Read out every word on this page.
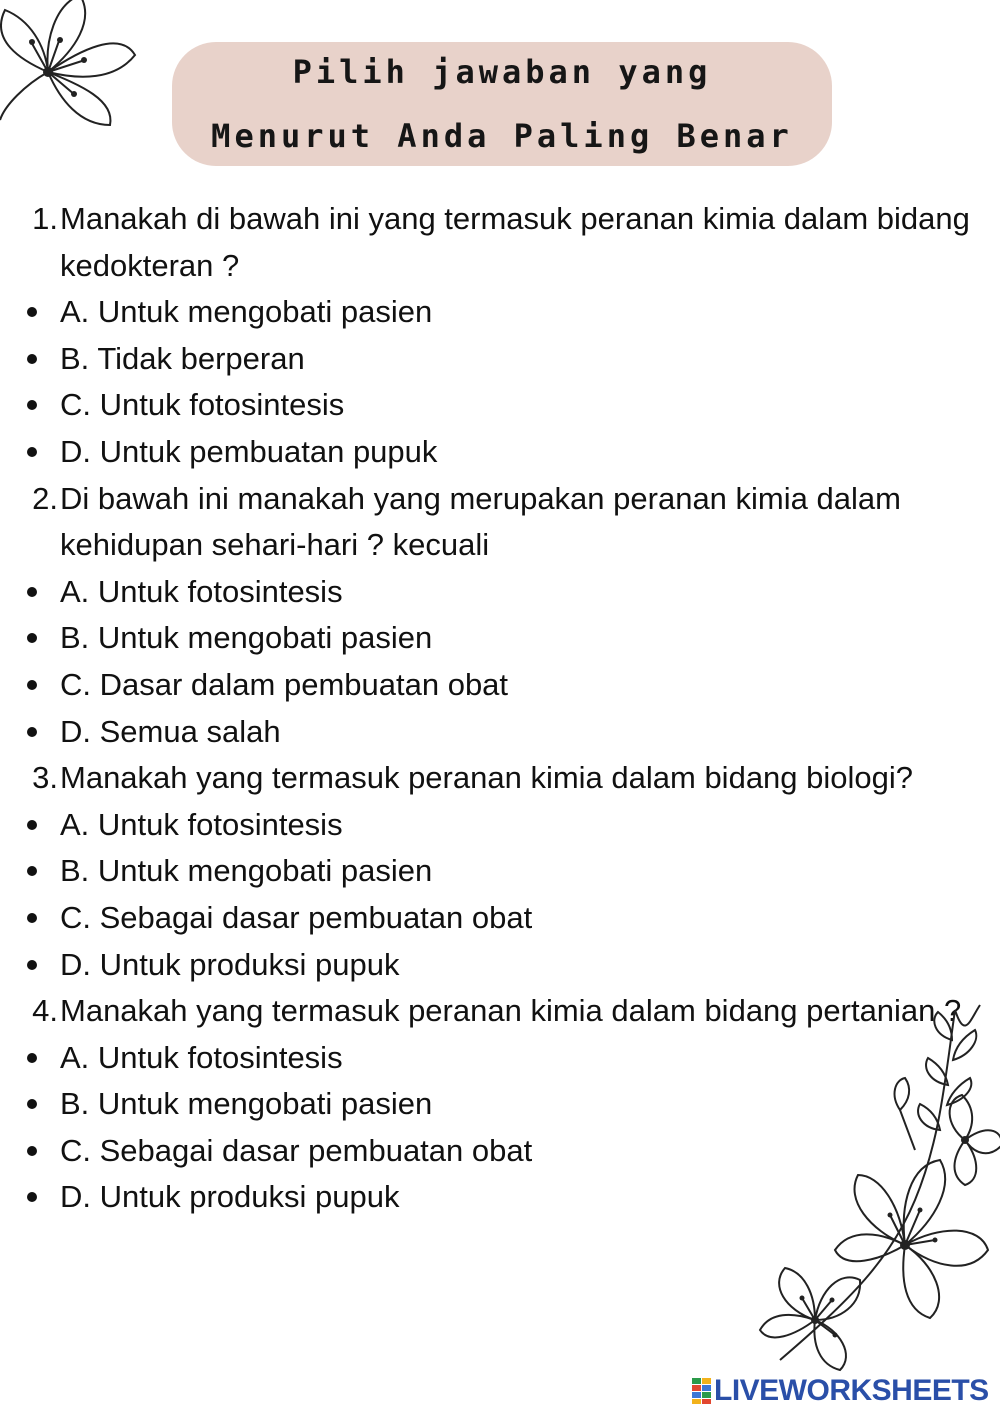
Pilih jawaban yang
Menurut Anda Paling Benar
1. Manakah di bawah ini yang termasuk peranan kimia dalam bidang kedokteran ?
A. Untuk mengobati pasien
B. Tidak berperan
C. Untuk fotosintesis
D. Untuk pembuatan pupuk
2. Di bawah ini manakah yang merupakan peranan kimia dalam kehidupan sehari-hari ? kecuali
A. Untuk fotosintesis
B. Untuk mengobati pasien
C. Dasar dalam pembuatan obat
D. Semua salah
3. Manakah yang termasuk peranan kimia dalam bidang biologi?
A. Untuk fotosintesis
B. Untuk mengobati pasien
C. Sebagai dasar pembuatan obat
D. Untuk produksi pupuk
4. Manakah yang termasuk peranan kimia dalam bidang pertanian ?
A. Untuk fotosintesis
B. Untuk mengobati pasien
C. Sebagai dasar pembuatan obat
D. Untuk produksi pupuk
LIVEWORKSHEETS
